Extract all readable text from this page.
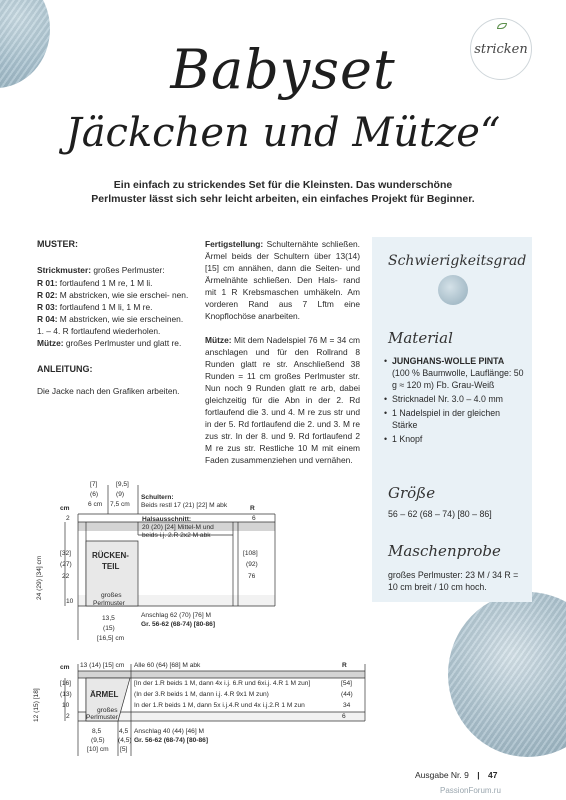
stricken
Babyset
Jäckchen und Mütze“
Ein einfach zu strickendes Set für die Kleinsten. Das wunderschöne Perlmuster lässt sich sehr leicht arbeiten, ein einfaches Projekt für Beginner.
MUSTER:
Strickmuster: großes Perlmuster:
R 01: fortlaufend 1 M re, 1 M li.
R 02: M abstricken, wie sie erschei- nen.
R 03: fortlaufend 1 M li, 1 M re.
R 04: M abstricken, wie sie erscheinen.
1. – 4. R fortlaufend wiederholen.
Mütze: großes Perlmuster und glatt re.
ANLEITUNG:
Die Jacke nach den Grafiken arbeiten.

Fertigstellung: Schulternähte schließen. Ärmel beids der Schultern über 13(14) [15] cm annähen, dann die Seiten- und Ärmelnähte schließen. Den Hals- rand mit 1 R Krebsmaschen umhäkeln. Am vorderen Rand aus 7 Lftm eine Knopflochöse anarbeiten.

Mütze: Mit dem Nadelspiel 76 M = 34 cm anschlagen und für den Rollrand 8 Runden glatt re str. Anschließend 38 Runden = 11 cm großes Perlmuster str. Nun noch 9 Runden glatt re arb, dabei gleichzeitig für die Abn in der 2. Rd fortlaufend die 3. und 4. M re zus str und in der 5. Rd fortlaufend die 2. und 3. M re zus str. In der 8. und 9. Rd fortlaufend 2 M re zus str. Restliche 10 M mit einem Faden zusammenziehen und vernähen.

Schwierigkeitsgrad
Material
• JUNGHANS-WOLLE PINTA
(100 % Baumwolle, Lauflänge: 50 g ≈ 120 m) Fb. Grau-Weiß
• Stricknadel Nr. 3.0 – 4.0 mm
• 1 Nadelspiel in der gleichen Stärke
• 1 Knopf
Größe
56 – 62 (68 – 74) [80 – 86]
Maschenprobe
großes Perlmuster: 23 M / 34 R = 10 cm breit / 10 cm hoch.
[7]
(6)
6 cm
[9,5]
(9)
7,5 cm
Schultern:
Beids restl 17 (21) [22] M abk
cm	R
2	6
Halsausschnitt:
20 (20) [24] Mittel-M und
beids i.j. 2.R 2x2 M abk
24 (29) [34] cm
[32]
(27)
22
[108]
(92)
76
RÜCKEN-
TEIL
großes
Perlmuster
10
Anschlag 62 (70) [76] M
Gr. 56-62 (68-74) [80-86]
13,5
(15)
[16,5] cm
cm 13 (14) [15] cm Alle 60 (64) [68] M abk	R
12 (15) [18]
[16]
(13)
10
ÄRMEL
[In der 1.R beids 1 M, dann 4x i.j. 6.R und 6xi.j. 4.R 1 M zun]
(In der 3.R beids 1 M, dann i.j. 4.R 9x1 M zun)
In der 1.R beids 1 M, dann 5x i.j.4.R und 4x i.j.2.R 1 M zun
[54]
(44)
34
2	6
großes
Perlmuster
8,5
(9,5)
[10] cm
4,5
(4,5)
[5]
Anschlag 40 (44) [46] M
Gr. 56-62 (68-74) [80-86]
Ausgabe Nr. 9 | 47
PassionForum.ru
